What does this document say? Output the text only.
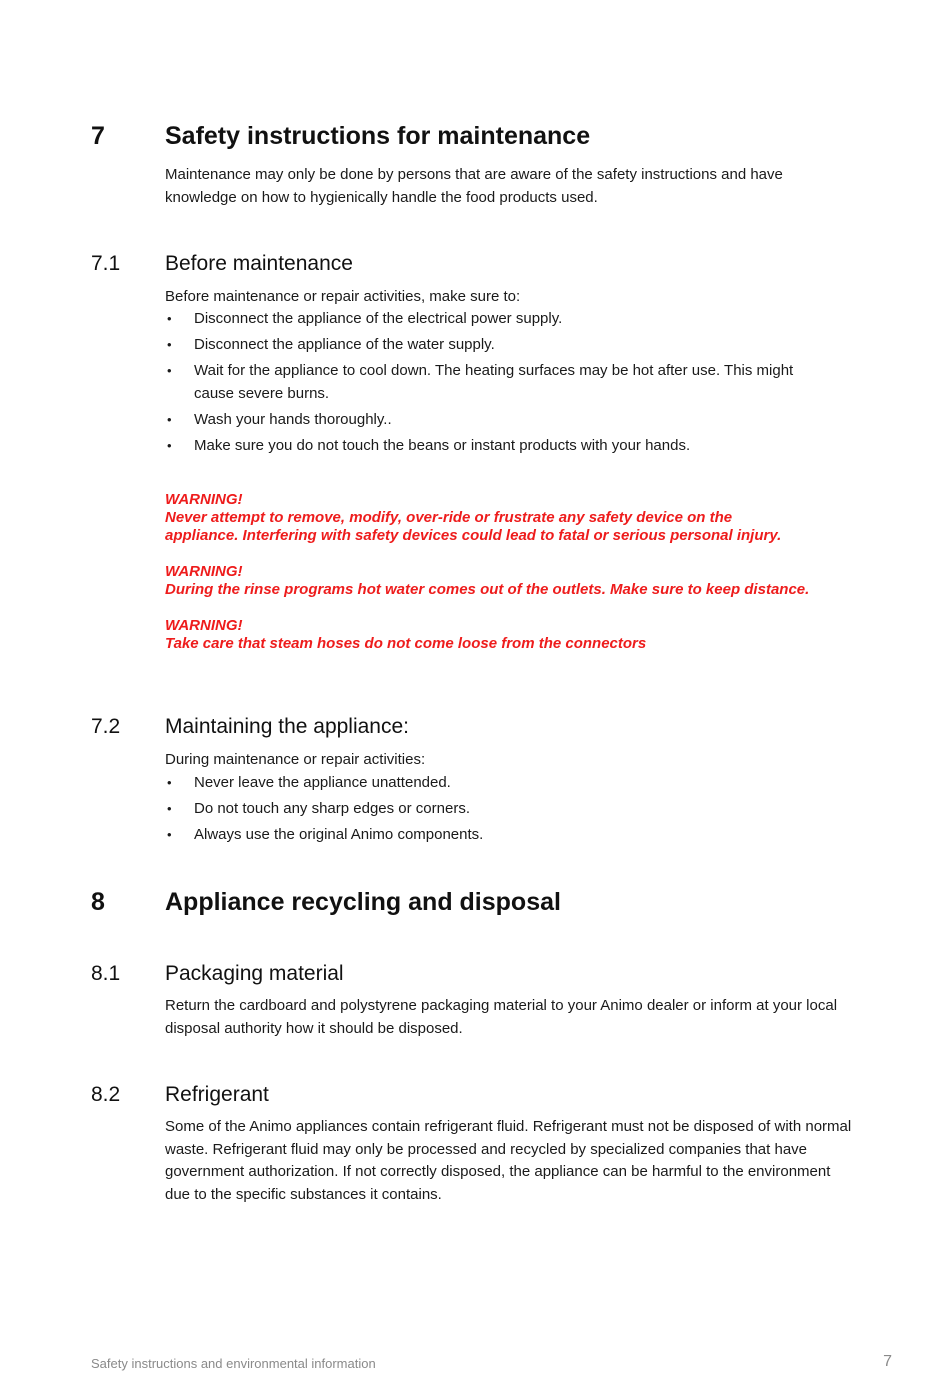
7 Safety instructions for maintenance
Maintenance may only be done by persons that are aware of the safety instructions and have knowledge on how to hygienically handle the food products used.
7.1 Before maintenance
Before maintenance or repair activities, make sure to:
• Disconnect the appliance of the electrical power supply.
• Disconnect the appliance of the water supply.
• Wait for the appliance to cool down. The heating surfaces may be hot after use. This might cause severe burns.
• Wash your hands thoroughly..
• Make sure you do not touch the beans or instant products with your hands.
WARNING!
Never attempt to remove, modify, over-ride or frustrate any safety device on the
appliance. Interfering with safety devices could lead to fatal or serious personal injury.
WARNING!
During the rinse programs hot water comes out of the outlets. Make sure to keep distance.
WARNING!
Take care that steam hoses do not come loose from the connectors
7.2 Maintaining the appliance:
During maintenance or repair activities:
• Never leave the appliance unattended.
• Do not touch any sharp edges or corners.
• Always use the original Animo components.
8 Appliance recycling and disposal
8.1 Packaging material
Return the cardboard and polystyrene packaging material to your Animo dealer or inform at your local disposal authority how it should be disposed.
8.2 Refrigerant
Some of the Animo appliances contain refrigerant fluid. Refrigerant must not be disposed of with normal waste. Refrigerant fluid may only be processed and recycled by specialized companies that have government authorization. If not correctly disposed, the appliance can be harmful to the environment due to the specific substances it contains.
Safety instructions and environmental information	7
